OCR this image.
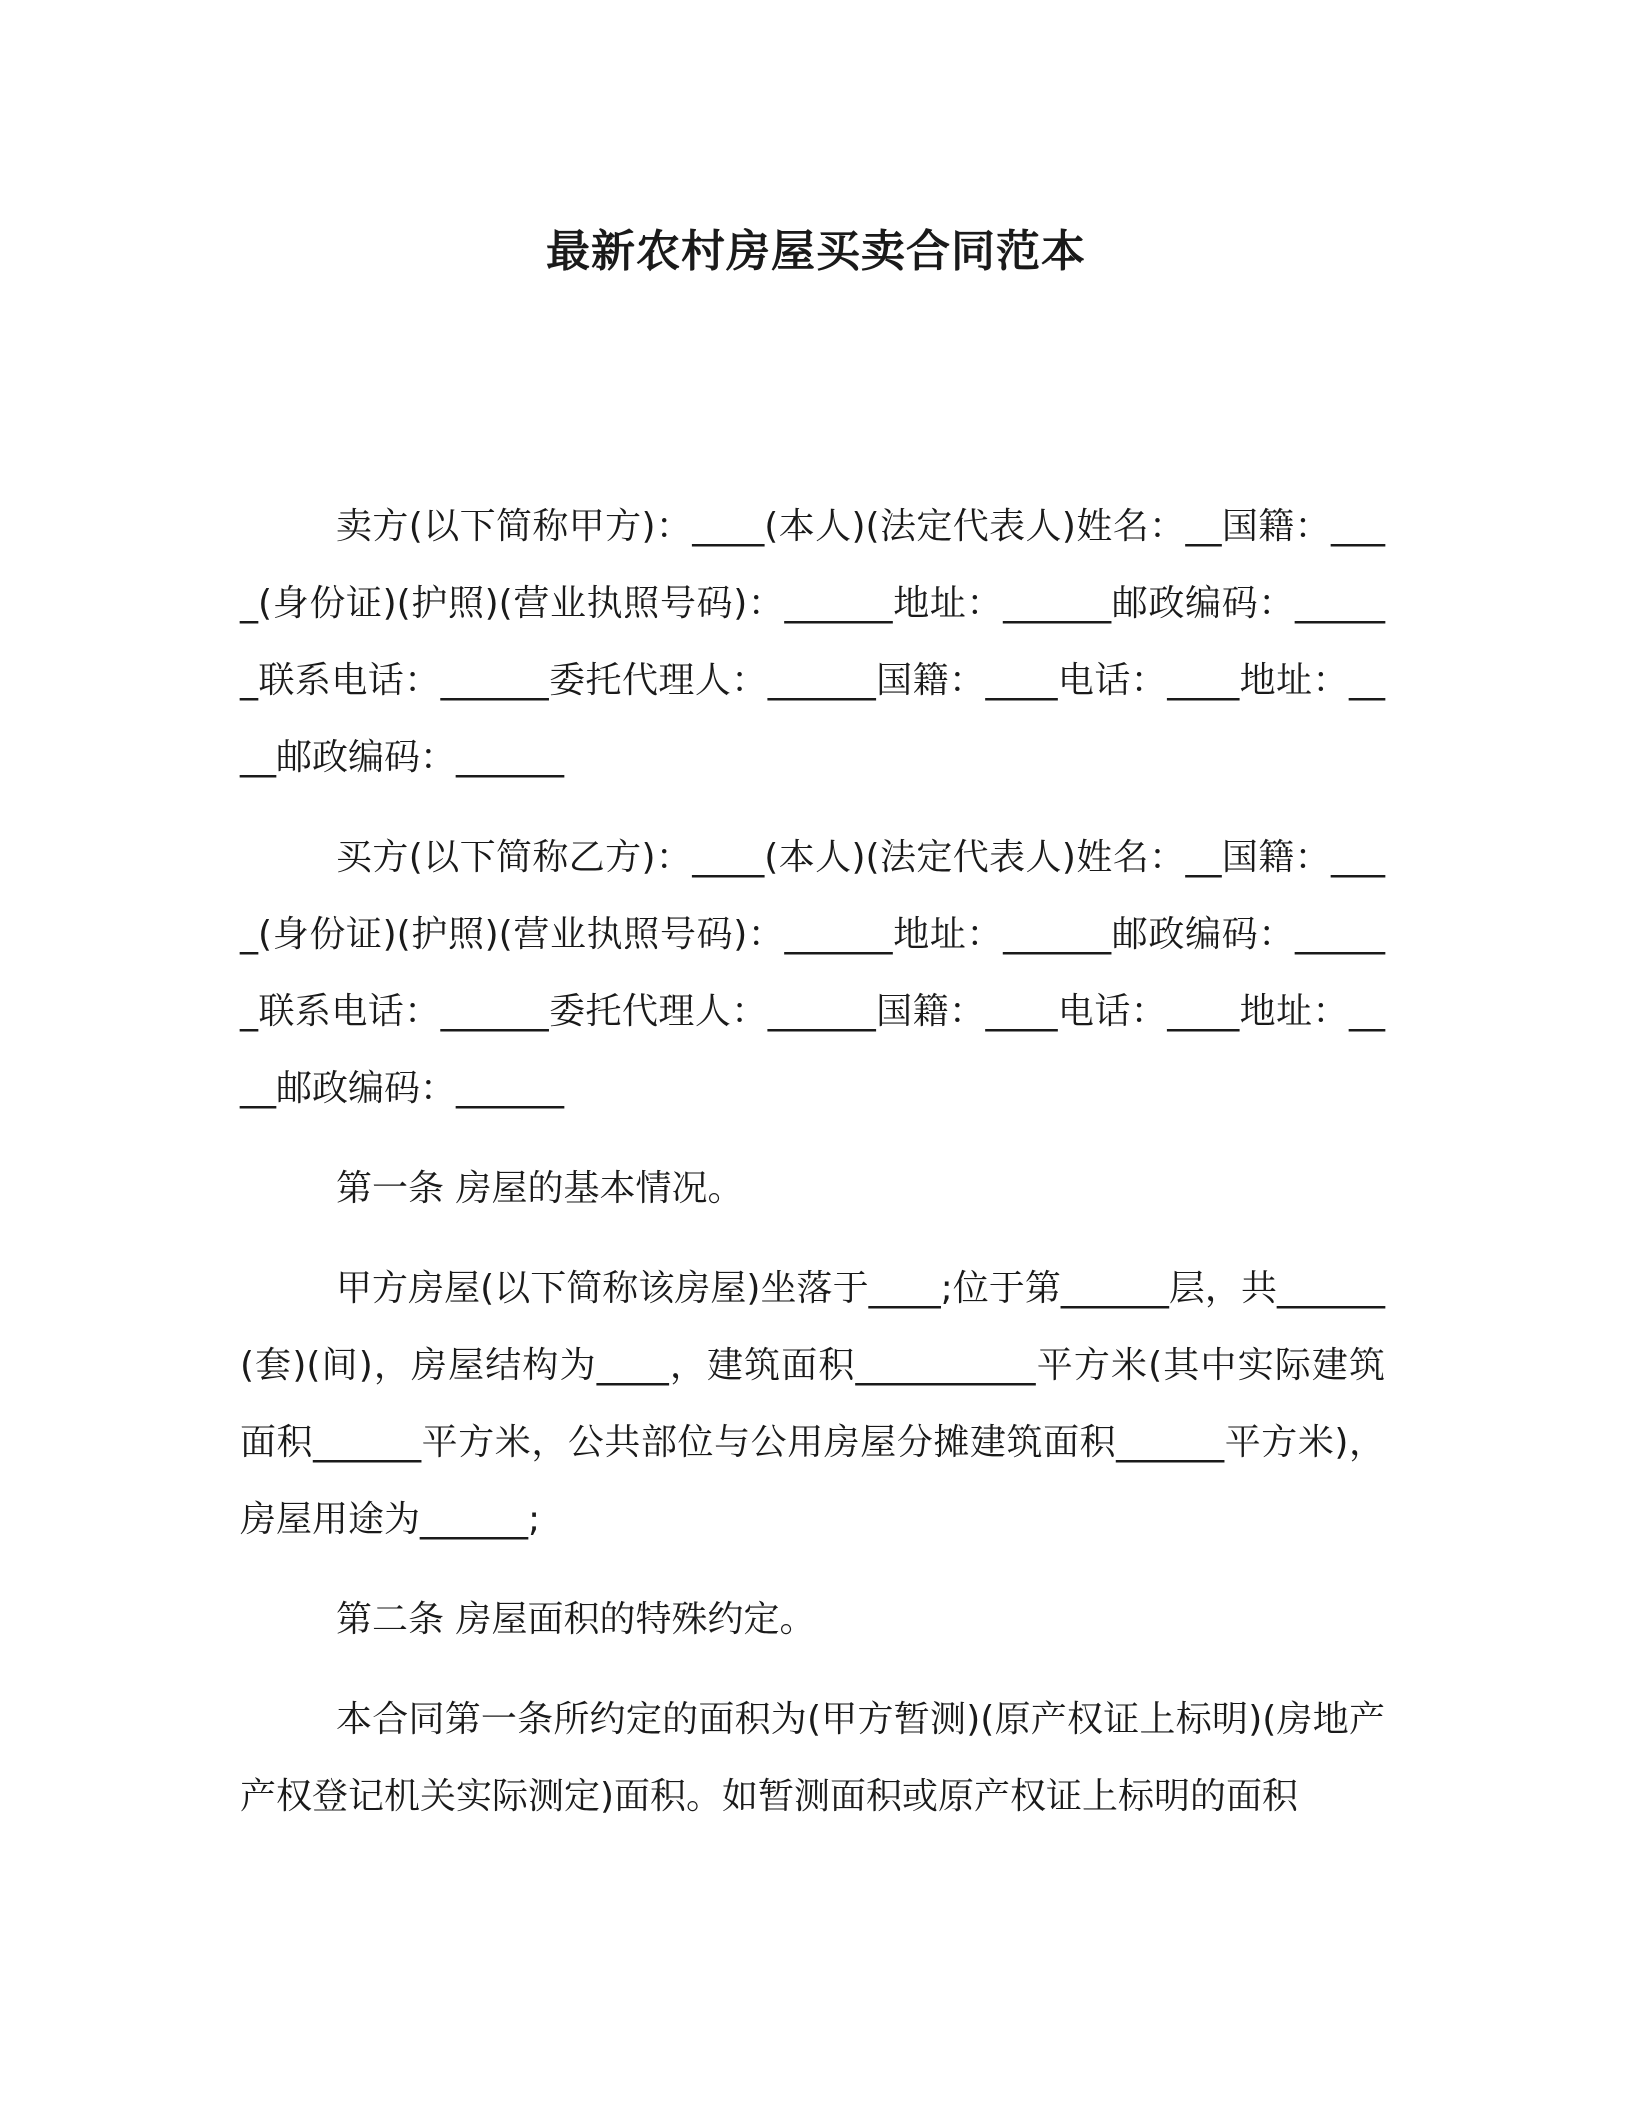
最新农村房屋买卖合同范本

卖方(以下简称甲方)：____(本人)(法定代表人)姓名：__国籍：____(身份证)(护照)(营业执照号码)：______地址：______邮政编码：______联系电话：______委托代理人：______国籍：____电话：____地址：____邮政编码：______

买方(以下简称乙方)：____(本人)(法定代表人)姓名：__国籍：____(身份证)(护照)(营业执照号码)：______地址：______邮政编码：______联系电话：______委托代理人：______国籍：____电话：____地址：____邮政编码：______

第一条 房屋的基本情况。

甲方房屋(以下简称该房屋)坐落于____;位于第______层，共______(套)(间)，房屋结构为____，建筑面积__________平方米(其中实际建筑面积______平方米，公共部位与公用房屋分摊建筑面积______平方米)，房屋用途为______;

第二条 房屋面积的特殊约定。

本合同第一条所约定的面积为(甲方暂测)(原产权证上标明)(房地产产权登记机关实际测定)面积。如暂测面积或原产权证上标明的面积
